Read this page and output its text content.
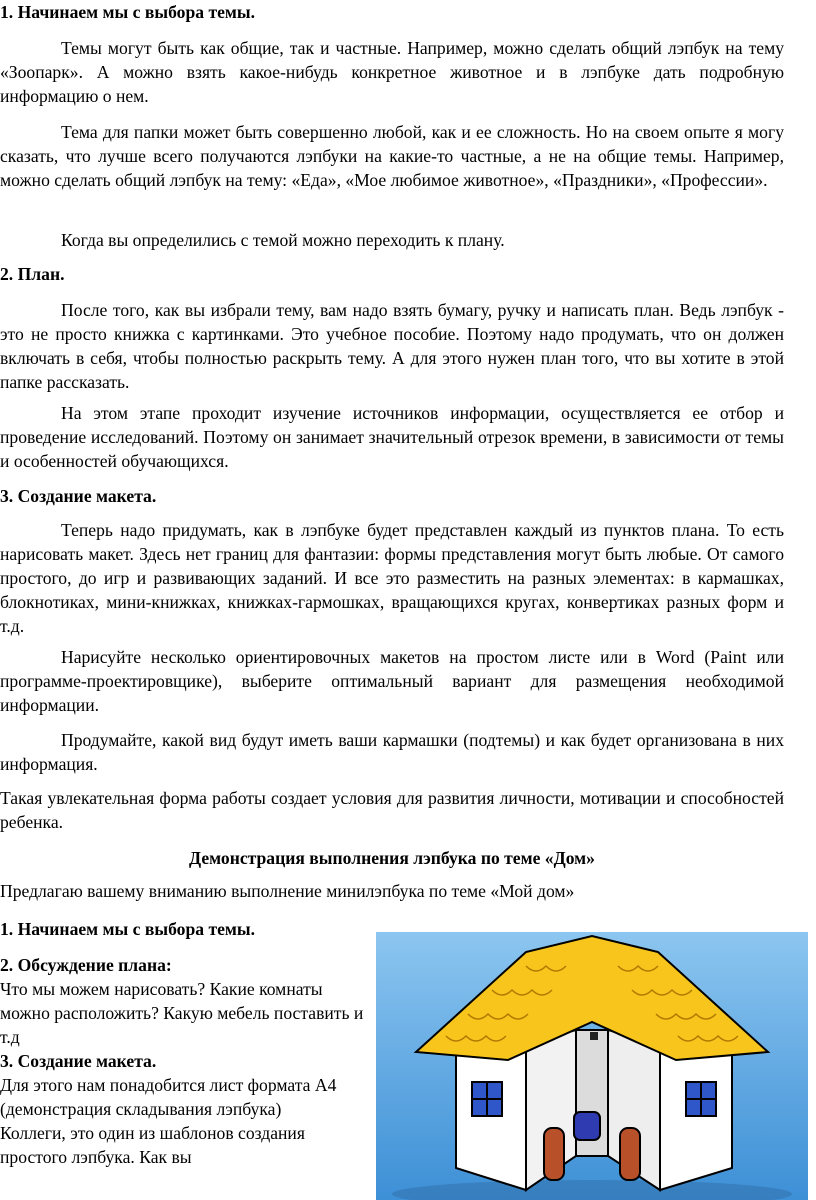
1. Начинаем мы с выбора темы.
Темы могут быть как общие, так и частные. Например, можно сделать общий лэпбук на тему «Зоопарк». А можно взять какое-нибудь конкретное животное и в лэпбуке дать подробную информацию о нем.
Тема для папки может быть совершенно любой, как и ее сложность. Но на своем опыте я могу сказать, что лучше всего получаются лэпбуки на какие-то частные, а не на общие темы. Например, можно сделать общий лэпбук на тему: «Еда», «Мое любимое животное», «Праздники», «Профессии».
Когда вы определились с темой можно переходить к плану.
2. План.
После того, как вы избрали тему, вам надо взять бумагу, ручку и написать план. Ведь лэпбук - это не просто книжка с картинками. Это учебное пособие. Поэтому надо продумать, что он должен включать в себя, чтобы полностью раскрыть тему. А для этого нужен план того, что вы хотите в этой папке рассказать.
На этом этапе проходит изучение источников информации, осуществляется ее отбор и проведение исследований. Поэтому он занимает значительный отрезок времени, в зависимости от темы и особенностей обучающихся.
3. Создание макета.
Теперь надо придумать, как в лэпбуке будет представлен каждый из пунктов плана. То есть нарисовать макет. Здесь нет границ для фантазии: формы представления могут быть любые. От самого простого, до игр и развивающих заданий. И все это разместить на разных элементах: в кармашках, блокнотиках, мини-книжках, книжках-гармошках, вращающихся кругах, конвертиках разных форм и т.д.
Нарисуйте несколько ориентировочных макетов на простом листе или в Word (Paint или программе-проектировщике), выберите оптимальный вариант для размещения необходимой информации.
Продумайте, какой вид будут иметь ваши кармашки (подтемы) и как будет организована в них информация.
Такая увлекательная форма работы создает условия для развития личности, мотивации и способностей ребенка.
Демонстрация выполнения лэпбука по теме «Дом»
Предлагаю вашему вниманию выполнение минилэпбука по теме «Мой дом»
1. Начинаем мы с выбора темы.
2. Обсуждение плана:
Что мы можем нарисовать? Какие комнаты можно расположить? Какую мебель поставить и т.д
3. Создание макета.
Для этого нам понадобится лист формата А4
(демонстрация складывания лэпбука)
Коллеги, это один из шаблонов создания простого лэпбука. Как вы
